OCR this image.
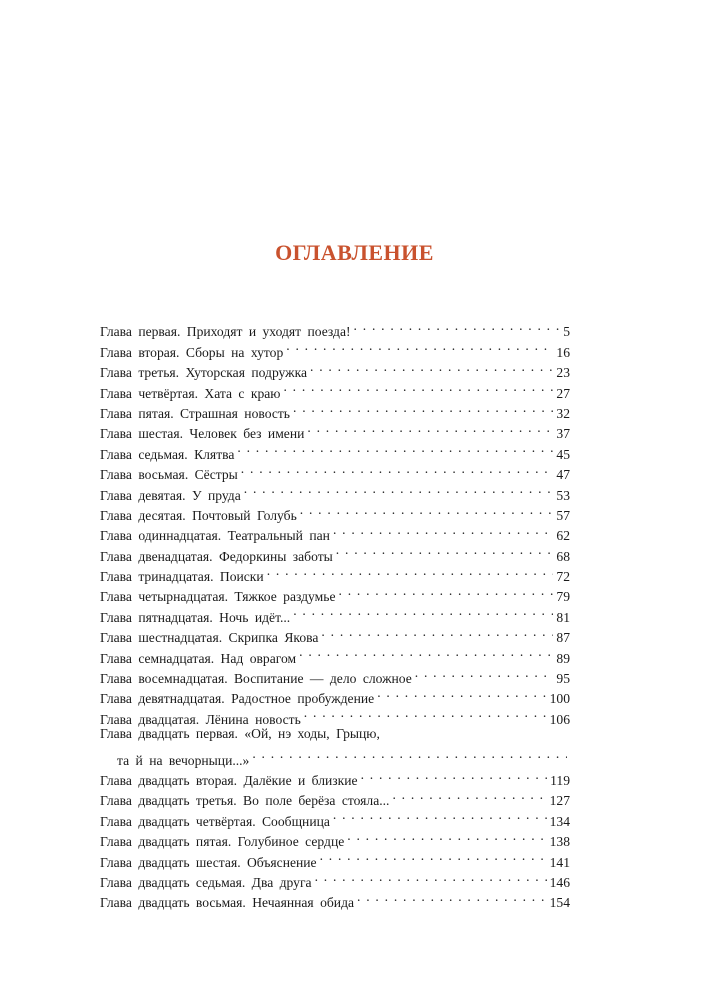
ОГЛАВЛЕНИЕ
Глава первая. Приходят и уходят поезда! . . .	5
Глава вторая. Сборы на хутор . . .	16
Глава третья. Хуторская подружка . . .	23
Глава четвёртая. Хата с краю . . .	27
Глава пятая. Страшная новость . . .	32
Глава шестая. Человек без имени . . .	37
Глава седьмая. Клятва . . .	45
Глава восьмая. Сёстры . . .	47
Глава девятая. У пруда . . .	53
Глава десятая. Почтовый Голубь . . .	57
Глава одиннадцатая. Театральный пан . . .	62
Глава двенадцатая. Федоркины заботы . . .	68
Глава тринадцатая. Поиски . . .	72
Глава четырнадцатая. Тяжкое раздумье . . .	79
Глава пятнадцатая. Ночь идёт... . . .	81
Глава шестнадцатая. Скрипка Якова . . .	87
Глава семнадцатая. Над оврагом . . .	89
Глава восемнадцатая. Воспитание — дело сложное . . .	95
Глава девятнадцатая. Радостное пробуждение . . .	100
Глава двадцатая. Лёнина новость . . .	106
Глава двадцать первая. «Ой, нэ ходы, Грыцю,
та й на вечорныци...»
. . .
Глава двадцать вторая. Далёкие и близкие . . .	119
Глава двадцать третья. Во поле берёза стояла... . . .	127
Глава двадцать четвёртая. Сообщница . . .	134
Глава двадцать пятая. Голубиное сердце . . .	138
Глава двадцать шестая. Объяснение . . .	141
Глава двадцать седьмая. Два друга . . .	146
Глава двадцать восьмая. Нечаянная обида . . .	154
